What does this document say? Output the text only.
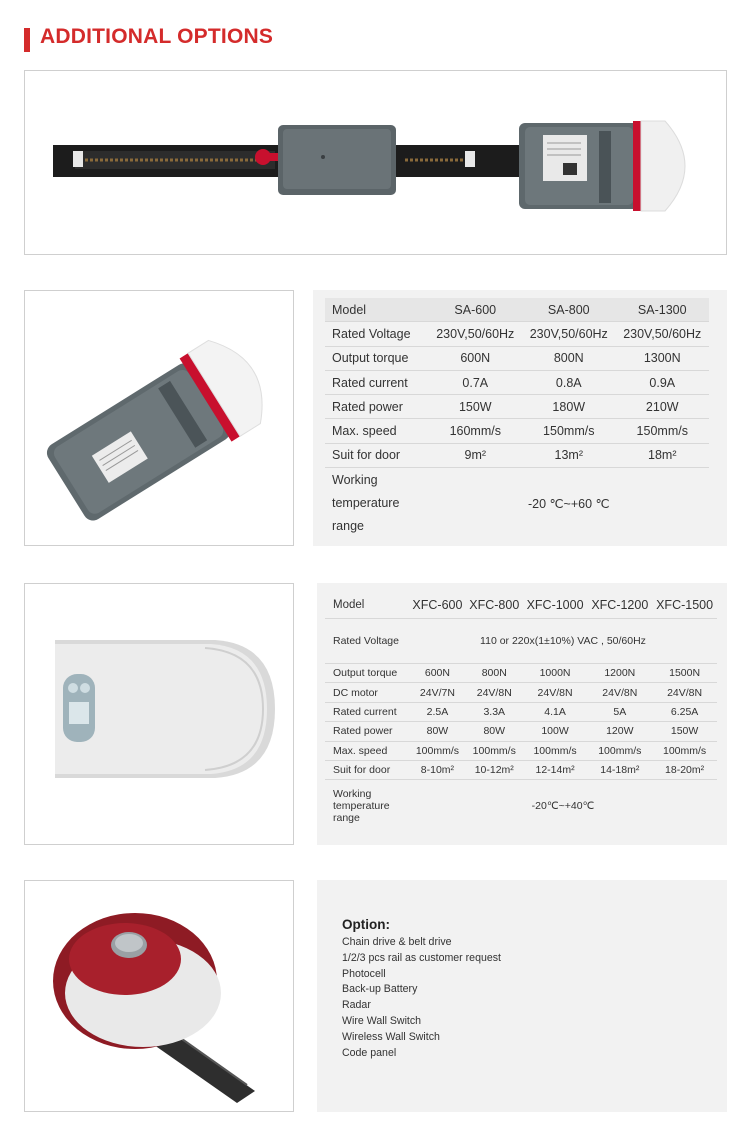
ADDITIONAL OPTIONS
Model	SA-600	SA-800	SA-1300
Rated Voltage	230V,50/60Hz	230V,50/60Hz	230V,50/60Hz
Output torque	600N	800N	1300N
Rated current	0.7A	0.8A	0.9A
Rated power	150W	180W	210W
Max. speed	160mm/s	150mm/s	150mm/s
Suit for door	9m²	13m²	18m²

Working
temperature
range	-20 ℃~+60 ℃		
Model	XFC-600	XFC-800	XFC-1000	XFC-1200	XFC-1500
Rated Voltage	110 or 220x(1±10%) VAC , 50/60Hz				
Output torque	600N	800N	1000N	1200N	1500N
DC motor	24V/7N	24V/8N	24V/8N	24V/8N	24V/8N
Rated current	2.5A	3.3A	4.1A	5A	6.25A
Rated power	80W	80W	100W	120W	150W
Max. speed	100mm/s	100mm/s	100mm/s	100mm/s	100mm/s
Suit for door	8-10m²	10-12m²	12-14m²	14-18m²	18-20m²

Working
temperature
range	-20℃~+40℃				
Option:
Chain drive & belt drive
1/2/3 pcs rail as customer request
Photocell
Back-up Battery
Radar
Wire Wall Switch
Wireless Wall Switch
Code panel
